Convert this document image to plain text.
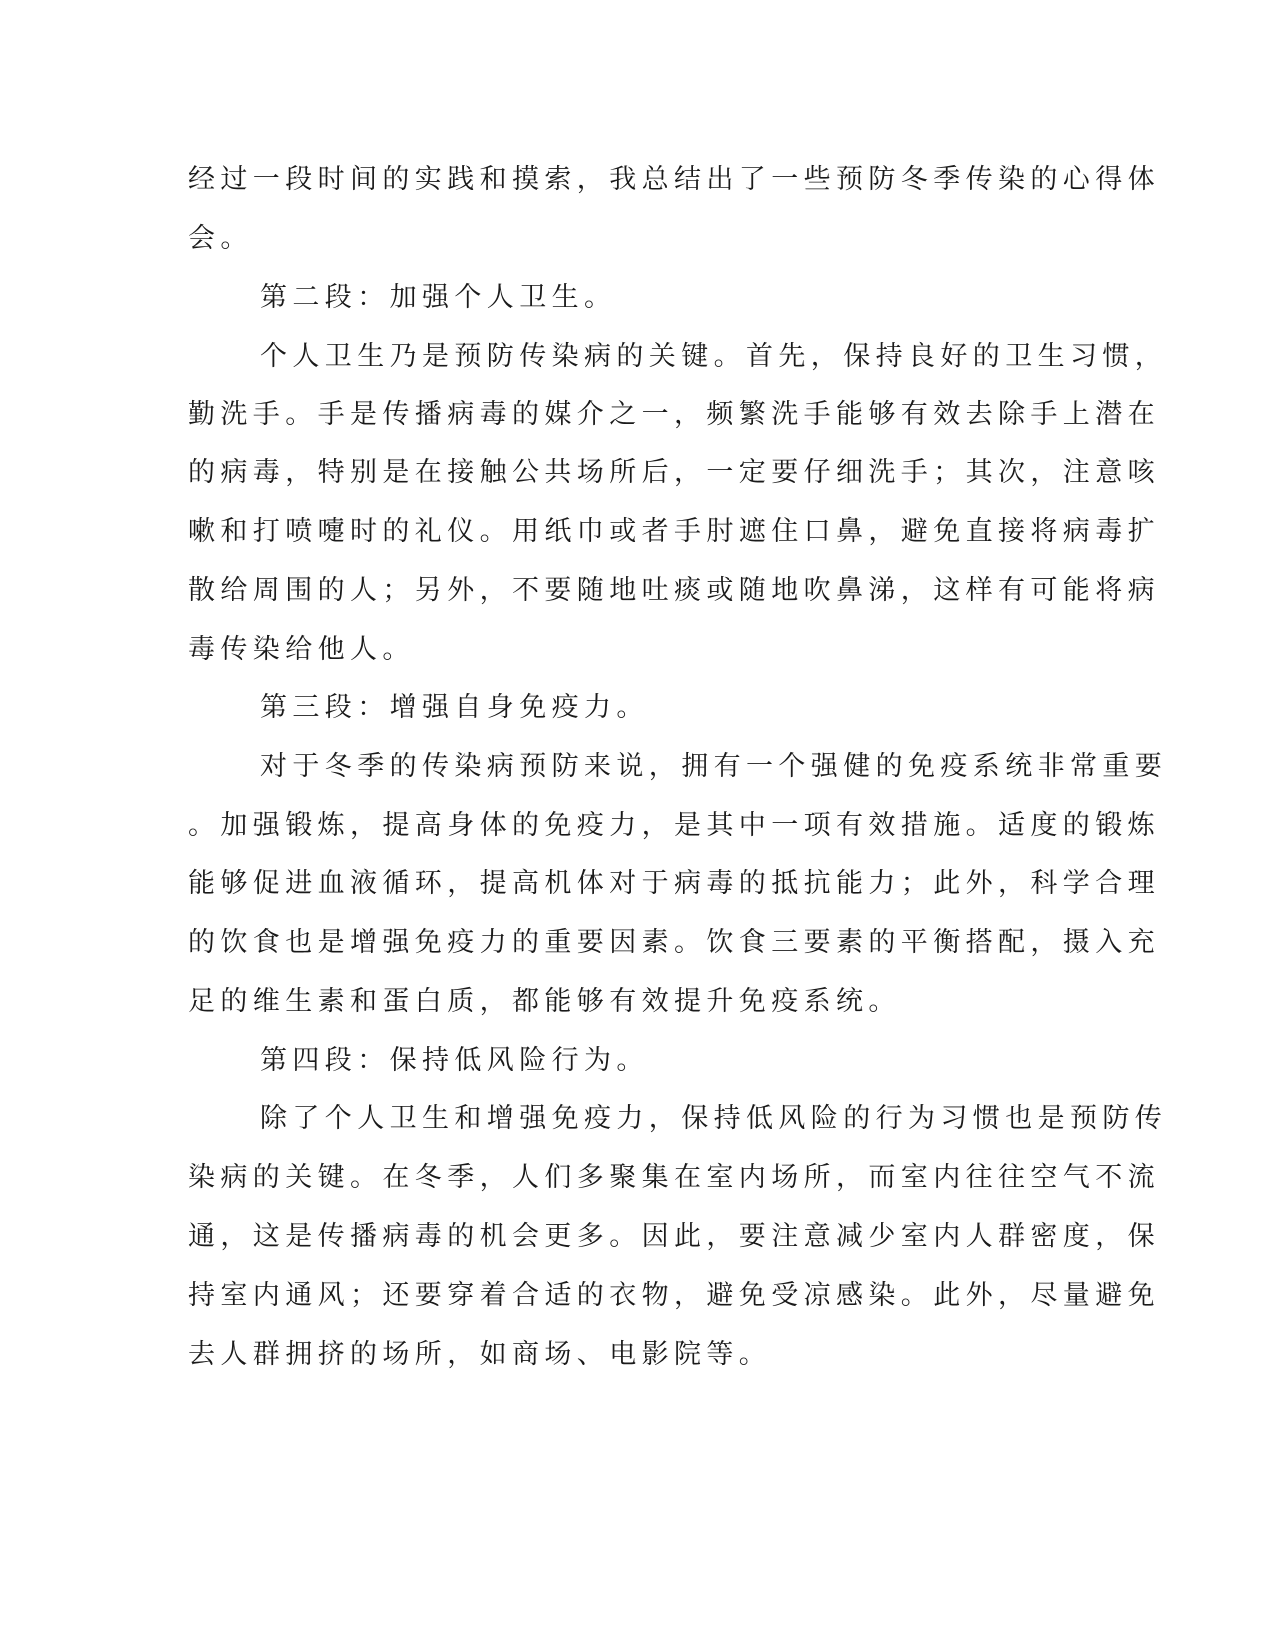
经过一段时间的实践和摸索，我总结出了一些预防冬季传染的心得体
会。
第二段：加强个人卫生。
个人卫生乃是预防传染病的关键。首先，保持良好的卫生习惯，
勤洗手。手是传播病毒的媒介之一，频繁洗手能够有效去除手上潜在
的病毒，特别是在接触公共场所后，一定要仔细洗手；其次，注意咳
嗽和打喷嚏时的礼仪。用纸巾或者手肘遮住口鼻，避免直接将病毒扩
散给周围的人；另外，不要随地吐痰或随地吹鼻涕，这样有可能将病
毒传染给他人。
第三段：增强自身免疫力。
对于冬季的传染病预防来说，拥有一个强健的免疫系统非常重要
。加强锻炼，提高身体的免疫力，是其中一项有效措施。适度的锻炼
能够促进血液循环，提高机体对于病毒的抵抗能力；此外，科学合理
的饮食也是增强免疫力的重要因素。饮食三要素的平衡搭配，摄入充
足的维生素和蛋白质，都能够有效提升免疫系统。
第四段：保持低风险行为。
除了个人卫生和增强免疫力，保持低风险的行为习惯也是预防传
染病的关键。在冬季，人们多聚集在室内场所，而室内往往空气不流
通，这是传播病毒的机会更多。因此，要注意减少室内人群密度，保
持室内通风；还要穿着合适的衣物，避免受凉感染。此外，尽量避免
去人群拥挤的场所，如商场、电影院等。
